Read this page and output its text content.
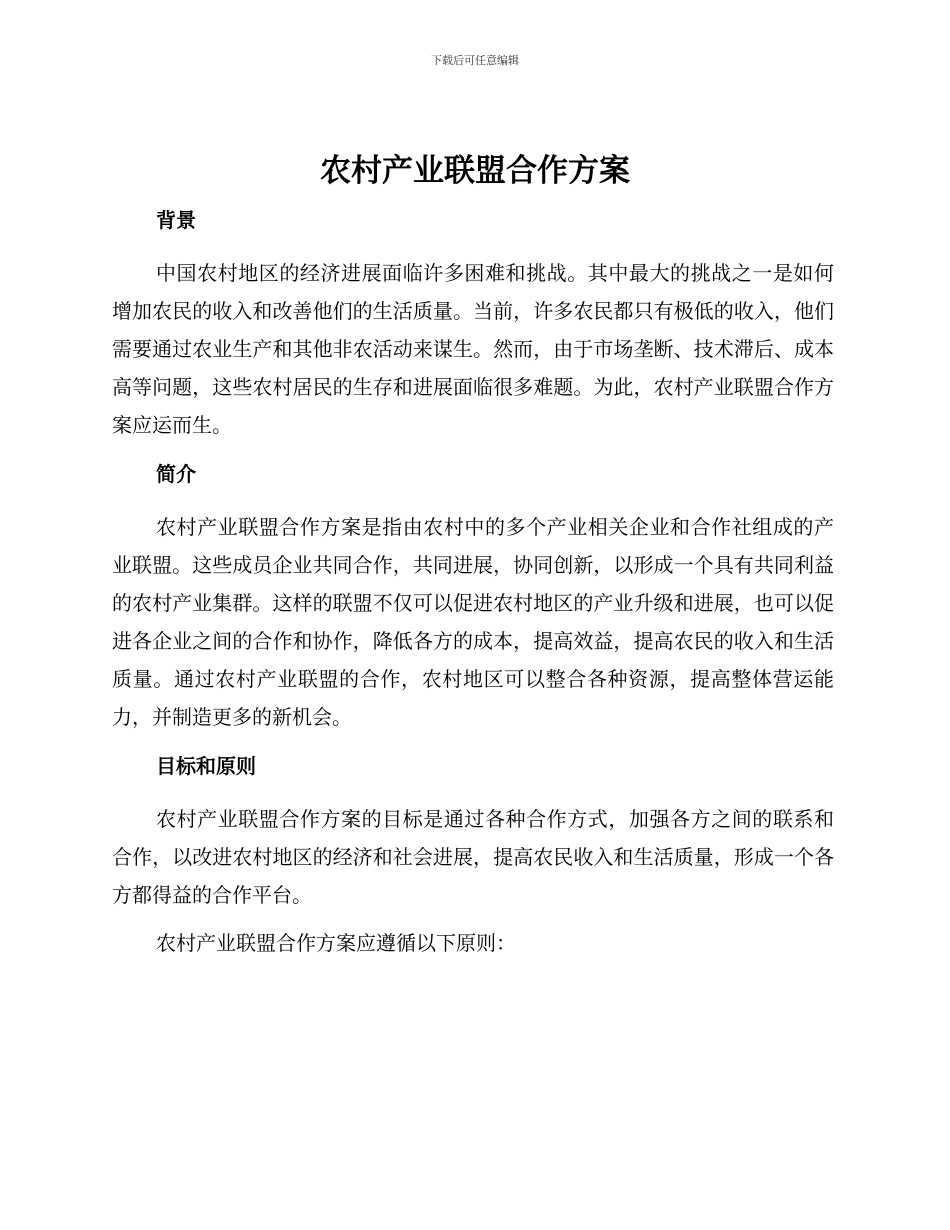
下载后可任意编辑
农村产业联盟合作方案
背景

中国农村地区的经济进展面临许多困难和挑战。其中最大的挑战之一是如何增加农民的收入和改善他们的生活质量。当前，许多农民都只有极低的收入，他们需要通过农业生产和其他非农活动来谋生。然而，由于市场垄断、技术滞后、成本高等问题，这些农村居民的生存和进展面临很多难题。为此，农村产业联盟合作方案应运而生。

简介

农村产业联盟合作方案是指由农村中的多个产业相关企业和合作社组成的产业联盟。这些成员企业共同合作，共同进展，协同创新，以形成一个具有共同利益的农村产业集群。这样的联盟不仅可以促进农村地区的产业升级和进展，也可以促进各企业之间的合作和协作，降低各方的成本，提高效益，提高农民的收入和生活质量。通过农村产业联盟的合作，农村地区可以整合各种资源，提高整体营运能力，并制造更多的新机会。

目标和原则

农村产业联盟合作方案的目标是通过各种合作方式，加强各方之间的联系和合作，以改进农村地区的经济和社会进展，提高农民收入和生活质量，形成一个各方都得益的合作平台。

农村产业联盟合作方案应遵循以下原则：
